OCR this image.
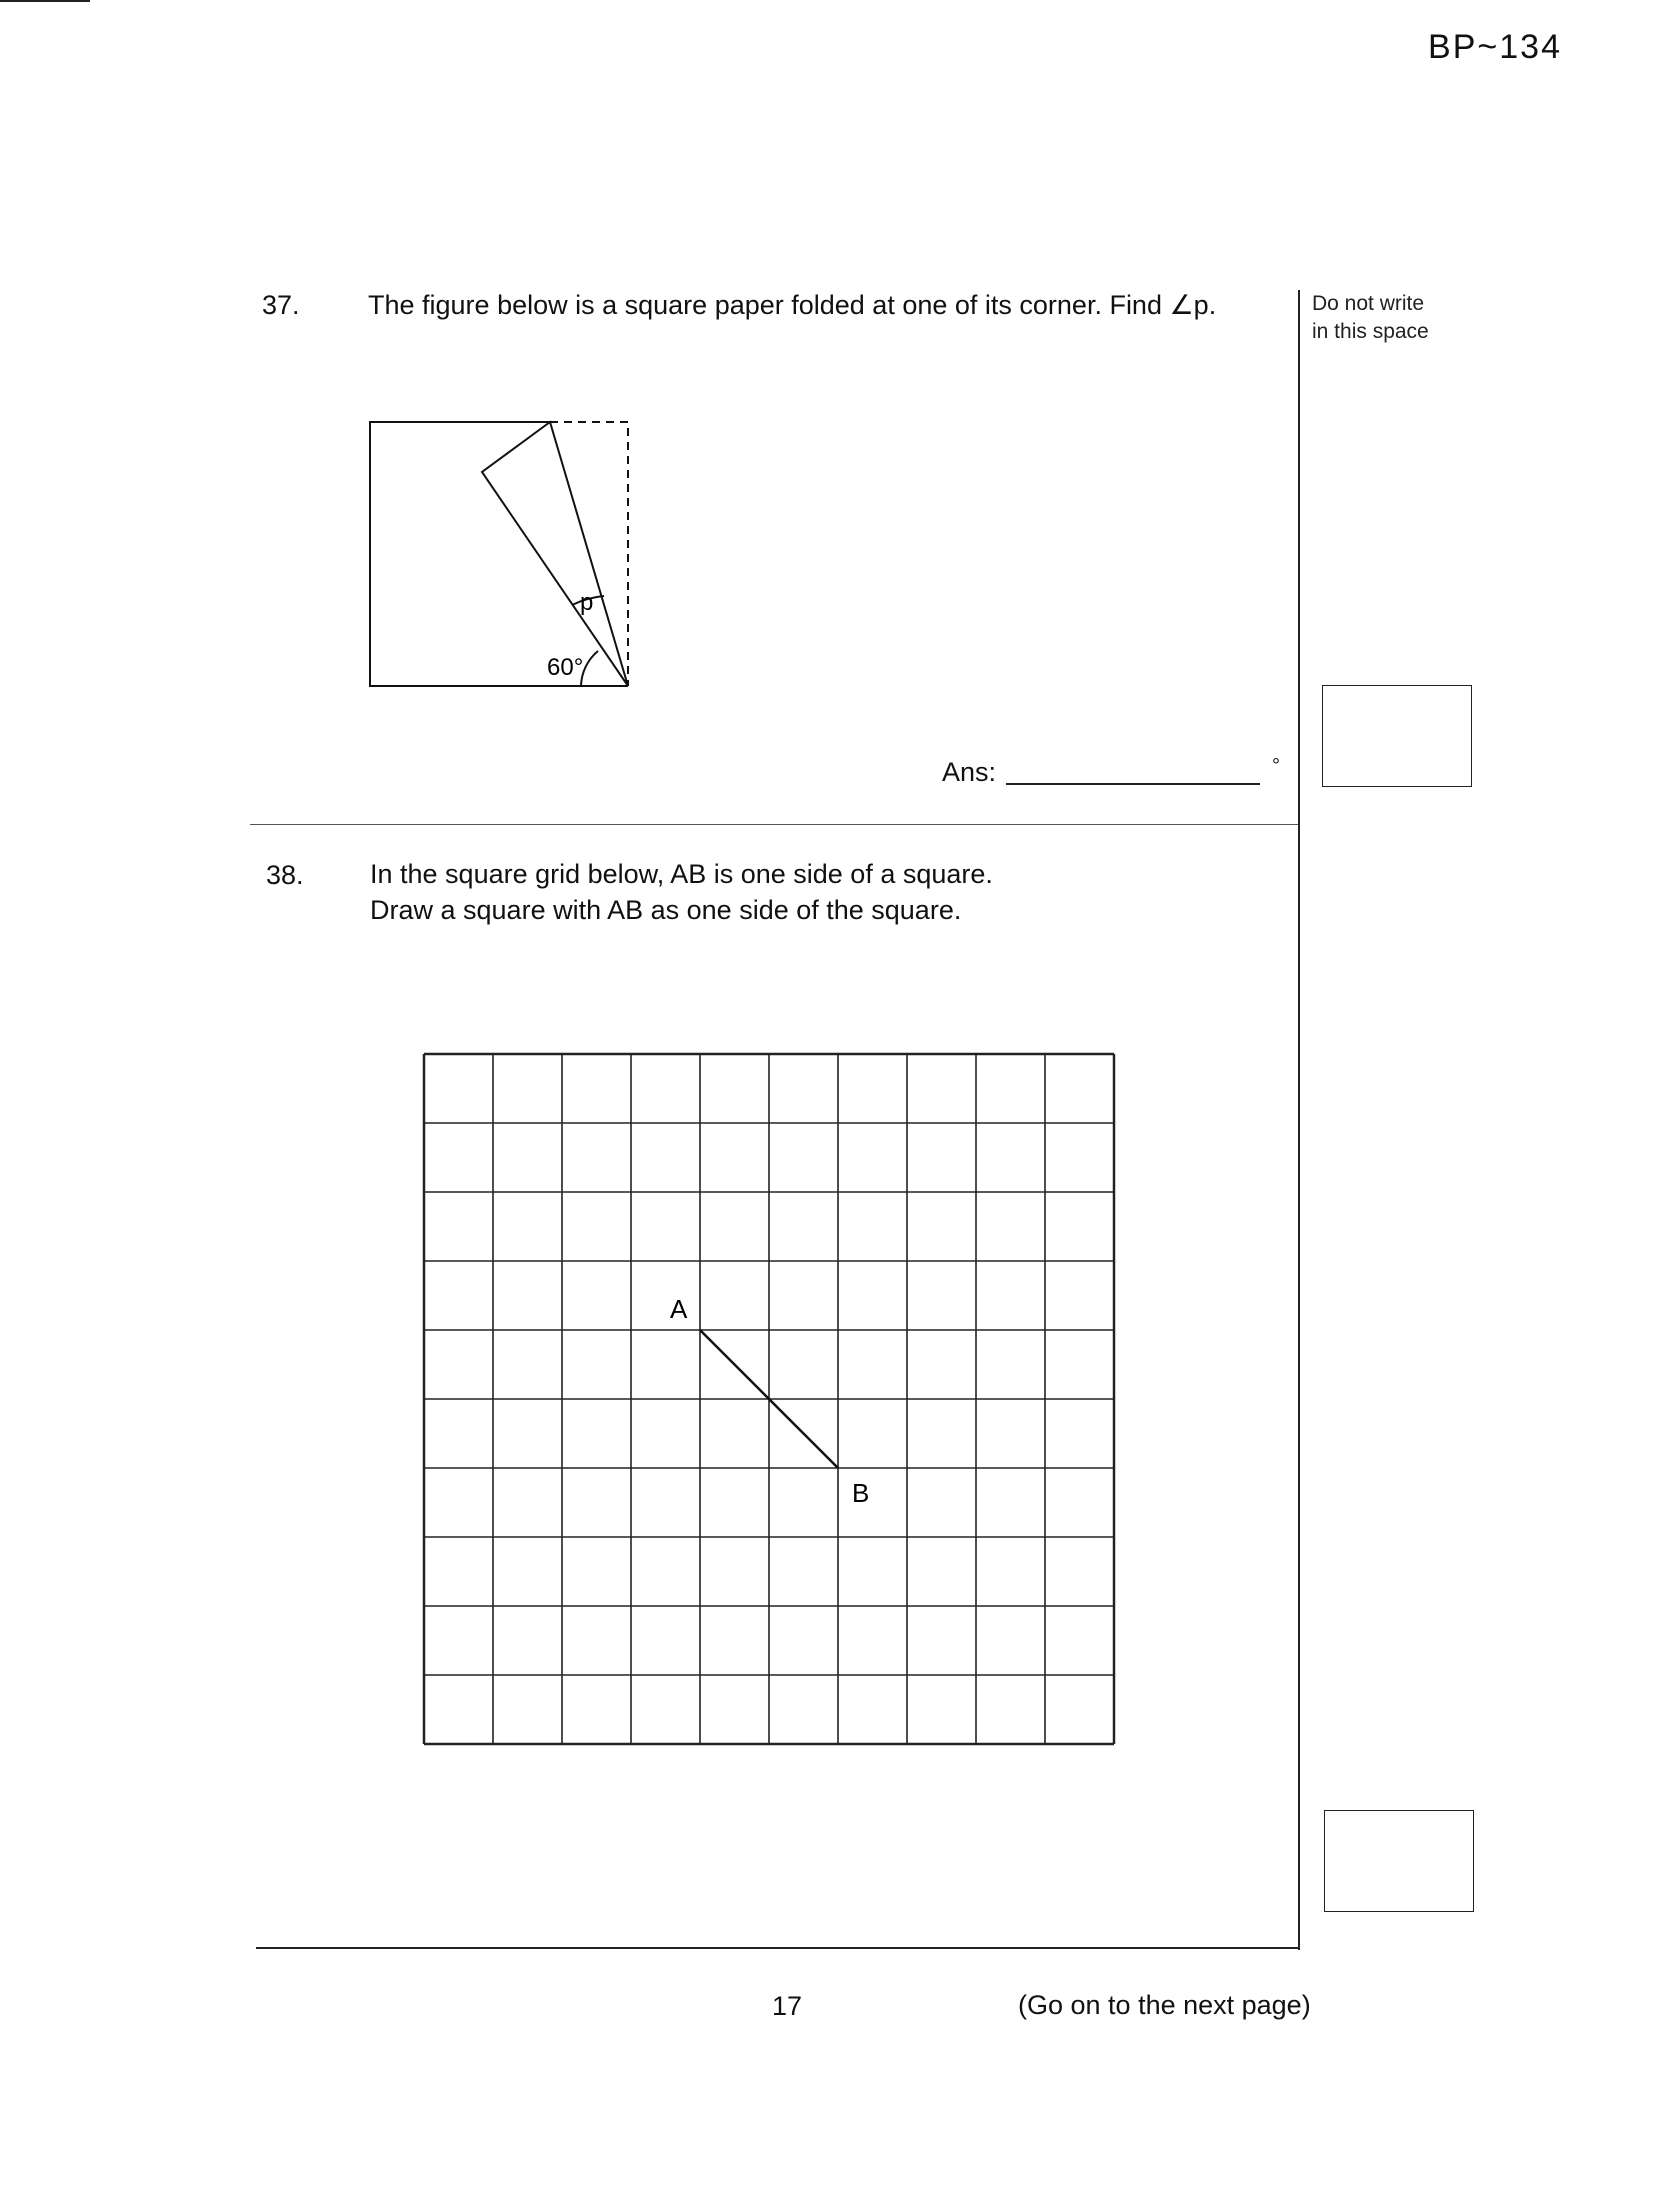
BP~134
Do not write
in this space
37.	The figure below is a square paper folded at one of its corner. Find ∠p.
60°
p
Ans:	°
38. In the square grid below, AB is one side of a square.
Draw a square with AB as one side of the square.
A
B
17	(Go on to the next page)
